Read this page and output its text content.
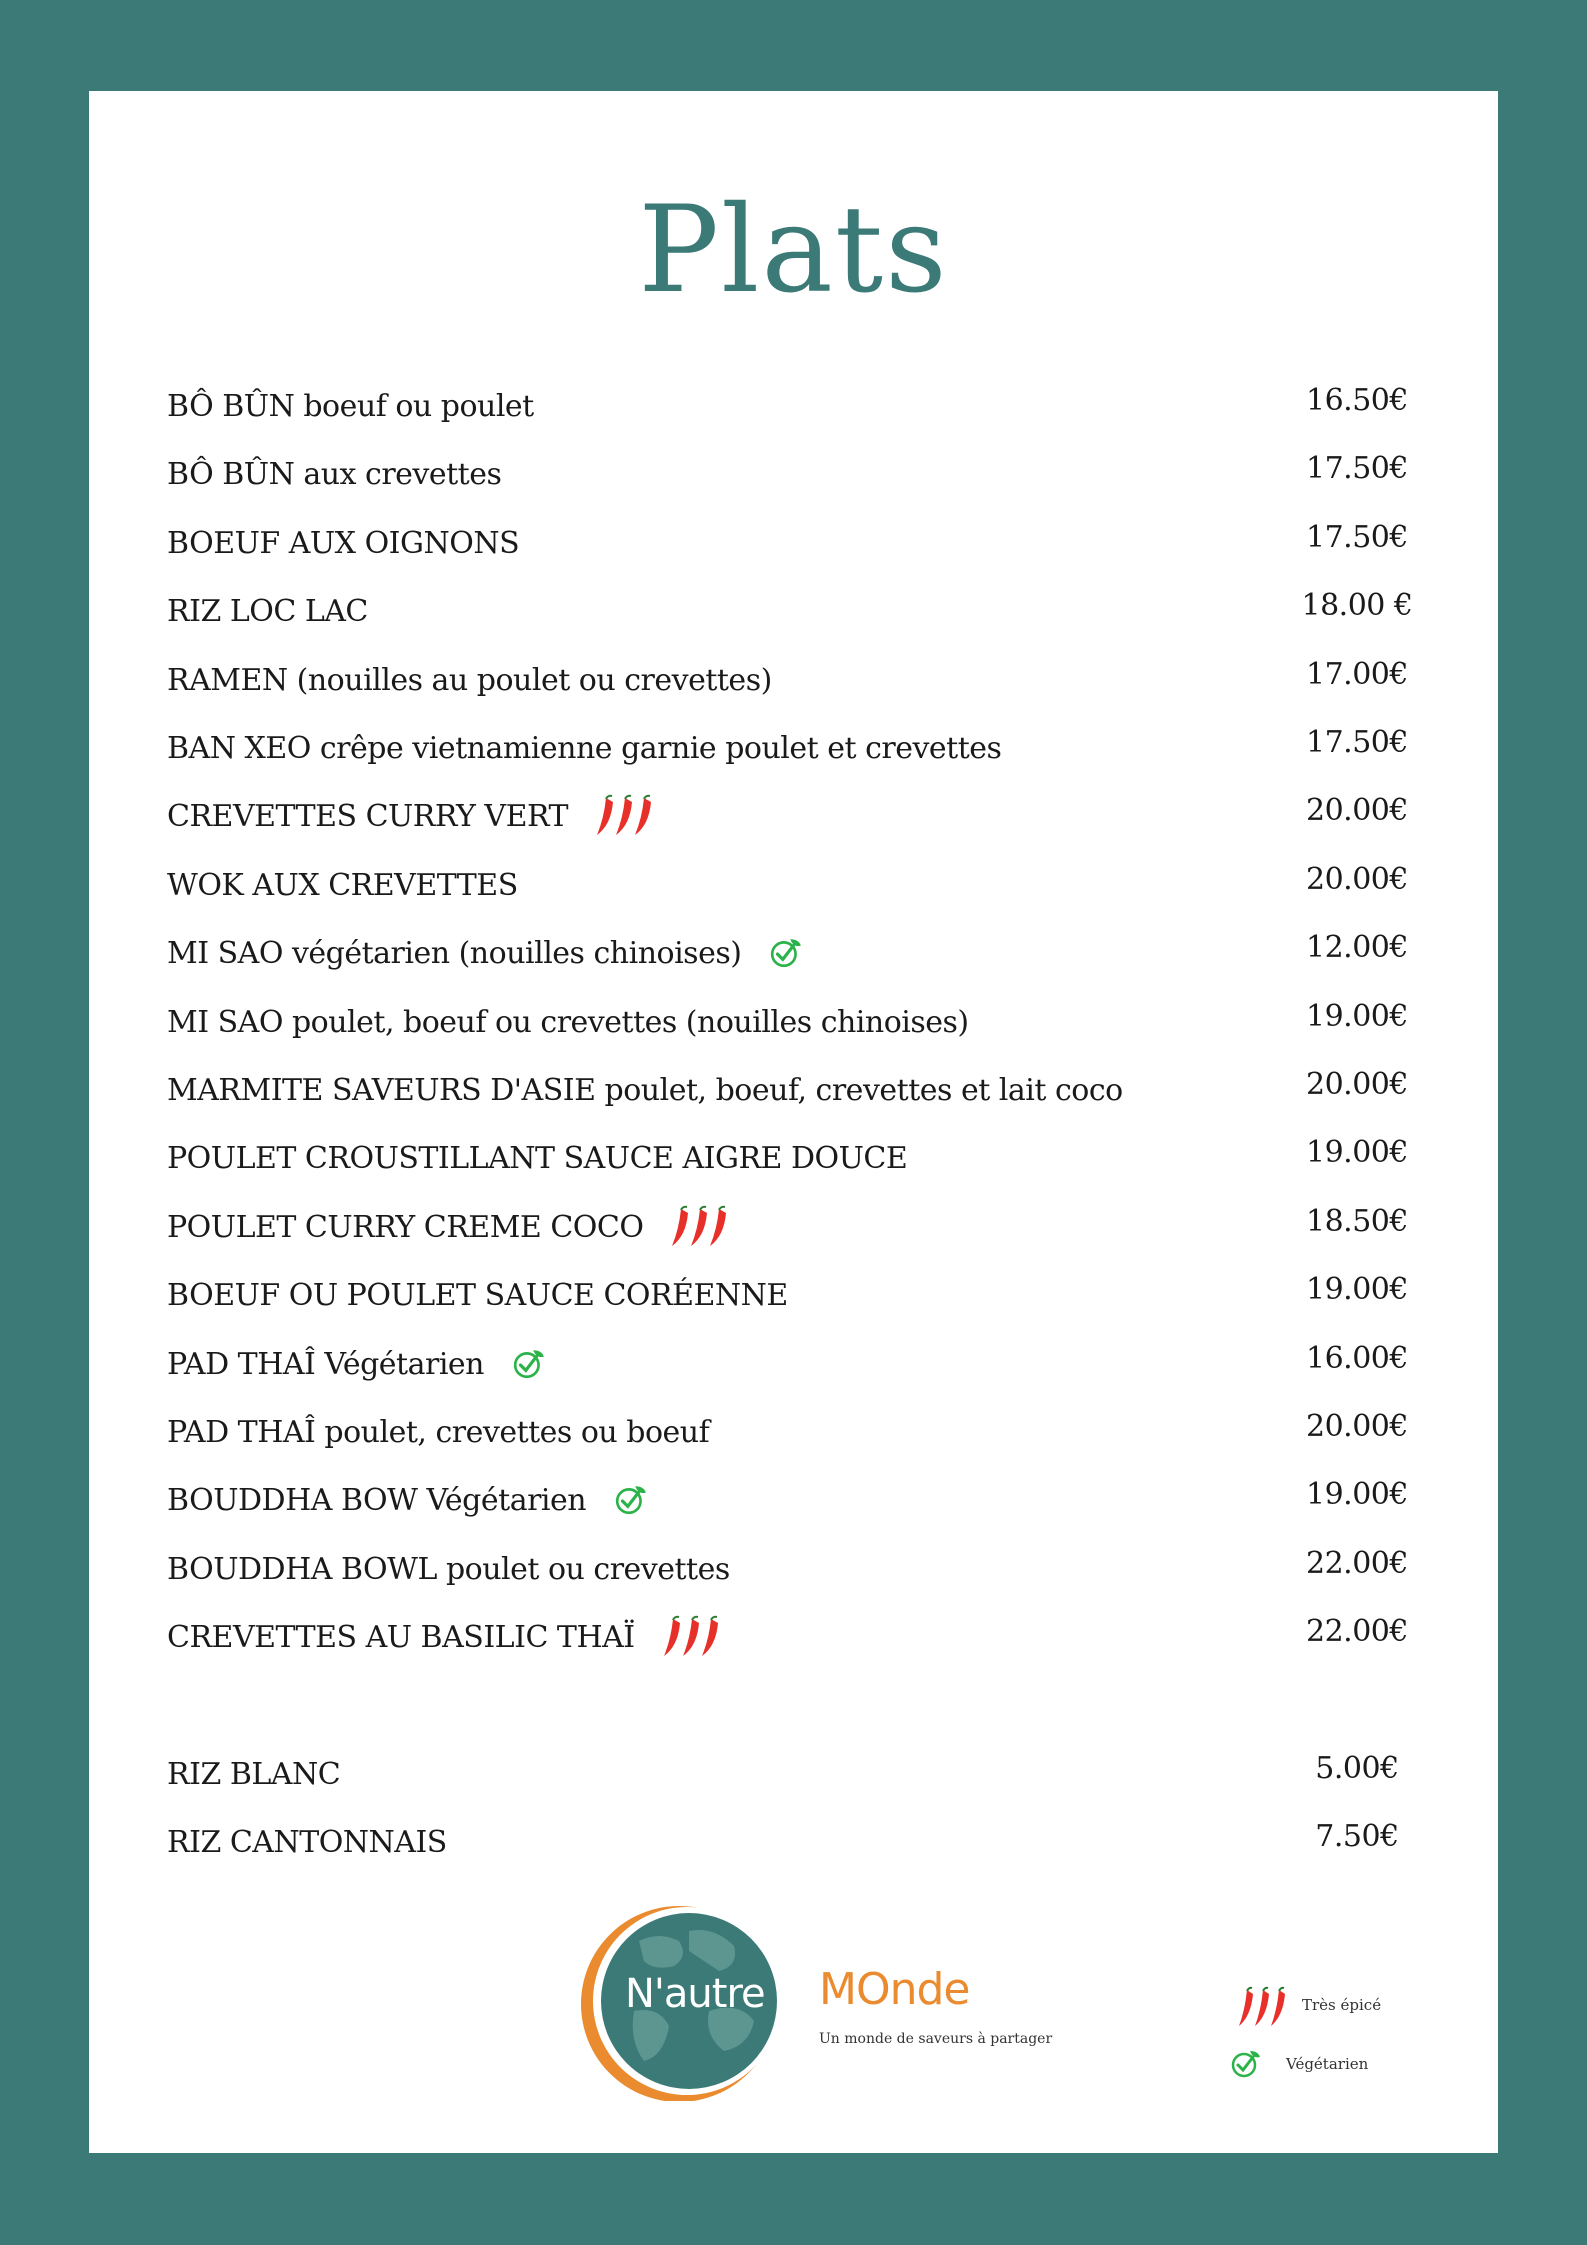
Plats
BÔ BÛN boeuf ou poulet	16.50€
BÔ BÛN aux crevettes	17.50€
BOEUF AUX OIGNONS	17.50€
RIZ LOC LAC	18.00 €
RAMEN (nouilles au poulet ou crevettes)	17.00€
BAN XEO crêpe vietnamienne garnie poulet et crevettes	17.50€
CREVETTES CURRY VERT	20.00€
WOK AUX CREVETTES	20.00€
MI SAO végétarien (nouilles chinoises)	12.00€
MI SAO poulet, boeuf ou crevettes (nouilles chinoises)	19.00€
MARMITE SAVEURS D'ASIE poulet, boeuf, crevettes et lait coco	20.00€
POULET CROUSTILLANT SAUCE AIGRE DOUCE	19.00€
POULET CURRY CREME COCO	18.50€
BOEUF OU POULET SAUCE CORÉENNE	19.00€
PAD THAÎ Végétarien	16.00€
PAD THAÎ poulet, crevettes ou boeuf	20.00€
BOUDDHA BOW Végétarien	19.00€
BOUDDHA BOWL poulet ou crevettes	22.00€
CREVETTES AU BASILIC THAÏ	22.00€
RIZ BLANC	5.00€
RIZ CANTONNAIS	7.50€
N'autre MOnde
Un monde de saveurs à partager
Très épicé
Végétarien
